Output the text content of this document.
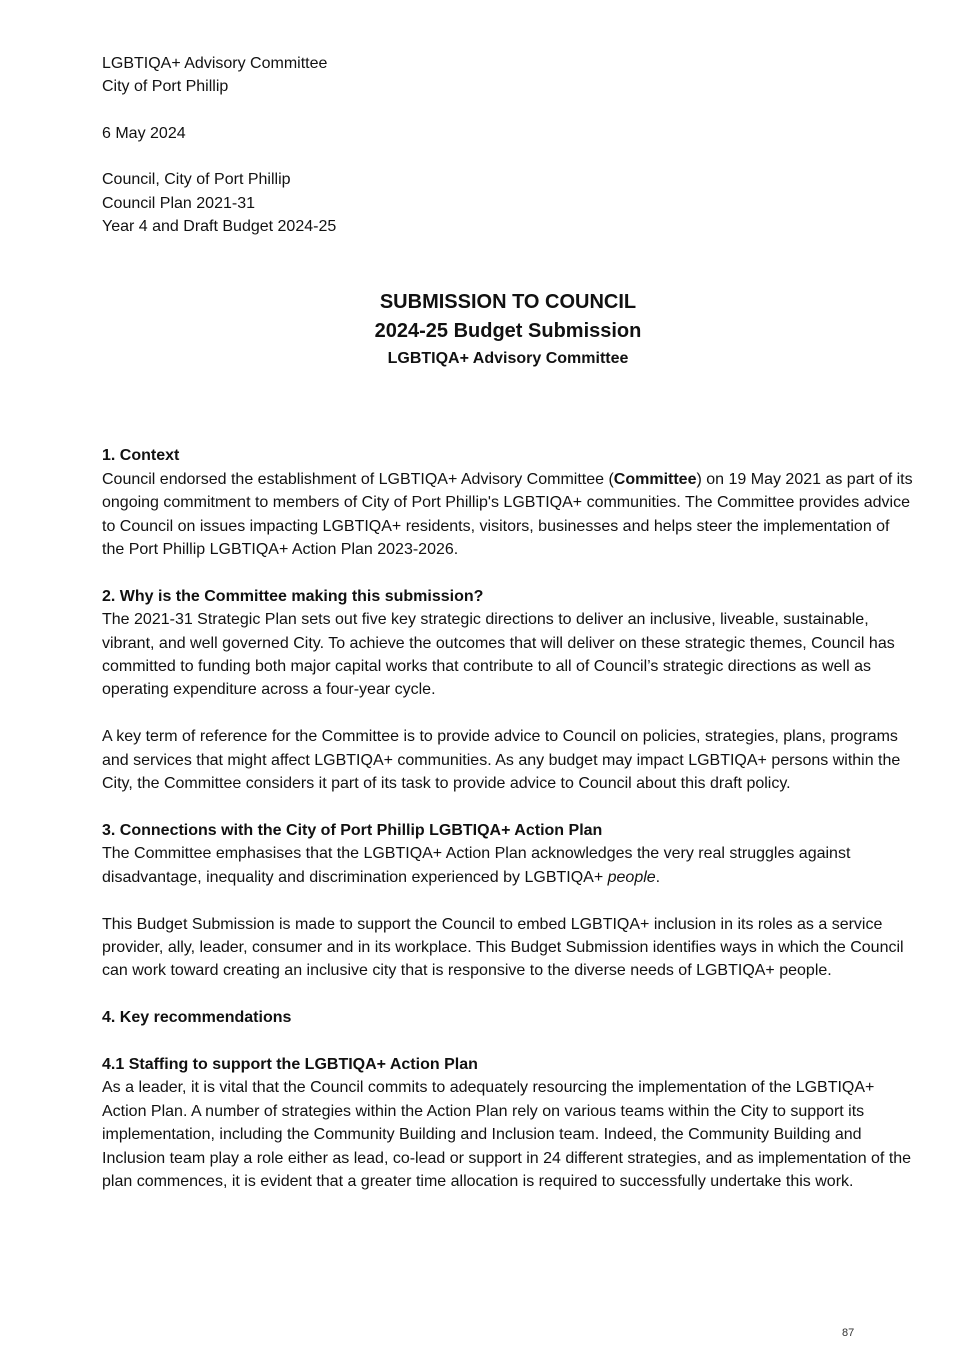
LGBTIQA+ Advisory Committee

City of Port Phillip

6 May 2024

Council, City of Port Phillip

Council Plan 2021-31

Year 4 and Draft Budget 2024-25

SUBMISSION TO COUNCIL
2024-25 Budget Submission
LGBTIQA+ Advisory Committee

1. Context

Council endorsed the establishment of LGBTIQA+ Advisory Committee (Committee) on 19 May 2021 as part of its ongoing commitment to members of City of Port Phillip's LGBTIQA+ communities. The Committee provides advice to Council on issues impacting LGBTIQA+ residents, visitors, businesses and helps steer the implementation of the Port Phillip LGBTIQA+ Action Plan 2023-2026.

2. Why is the Committee making this submission?

The 2021-31 Strategic Plan sets out five key strategic directions to deliver an inclusive, liveable, sustainable, vibrant, and well governed City. To achieve the outcomes that will deliver on these strategic themes, Council has committed to funding both major capital works that contribute to all of Council’s strategic directions as well as operating expenditure across a four-year cycle.

A key term of reference for the Committee is to provide advice to Council on policies, strategies, plans, programs and services that might affect LGBTIQA+ communities. As any budget may impact LGBTIQA+ persons within the City, the Committee considers it part of its task to provide advice to Council about this draft policy.

3. Connections with the City of Port Phillip LGBTIQA+ Action Plan

The Committee emphasises that the LGBTIQA+ Action Plan acknowledges the very real struggles against disadvantage, inequality and discrimination experienced by LGBTIQA+ people.

This Budget Submission is made to support the Council to embed LGBTIQA+ inclusion in its roles as a service provider, ally, leader, consumer and in its workplace. This Budget Submission identifies ways in which the Council can work toward creating an inclusive city that is responsive to the diverse needs of LGBTIQA+ people.

4. Key recommendations

4.1 Staffing to support the LGBTIQA+ Action Plan

As a leader, it is vital that the Council commits to adequately resourcing the implementation of the LGBTIQA+ Action Plan. A number of strategies within the Action Plan rely on various teams within the City to support its implementation, including the Community Building and Inclusion team. Indeed, the Community Building and Inclusion team play a role either as lead, co-lead or support in 24 different strategies, and as implementation of the plan commences, it is evident that a greater time allocation is required to successfully undertake this work.

87
